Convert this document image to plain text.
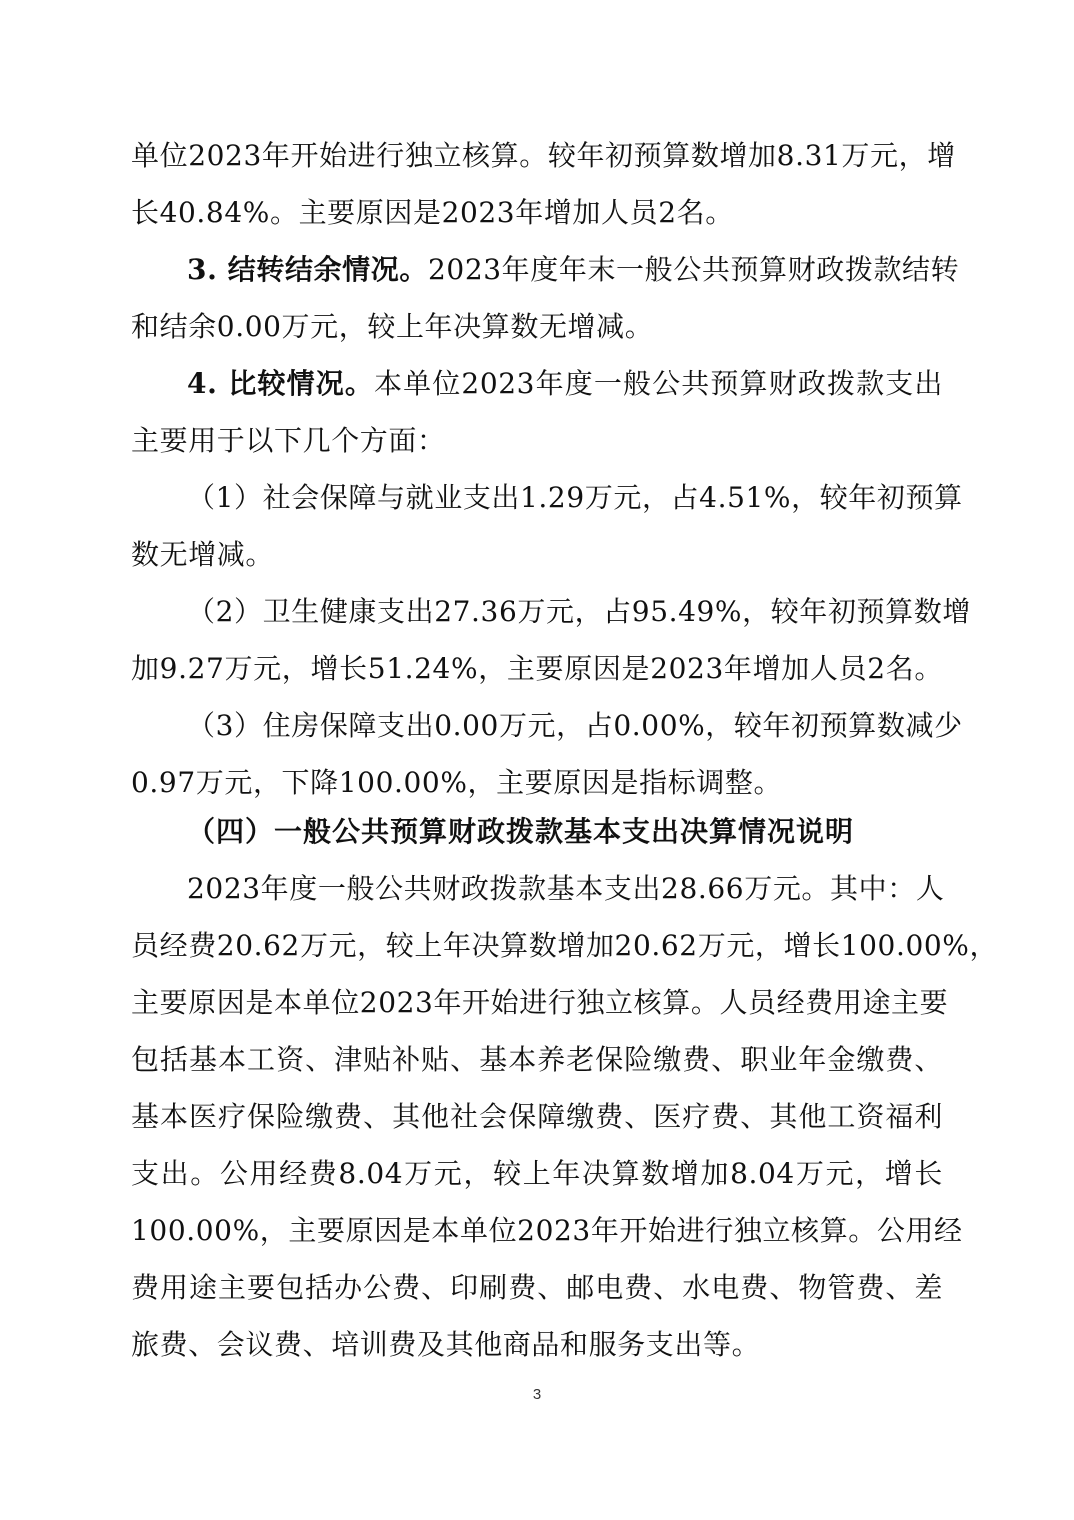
单位2023年开始进行独立核算。较年初预算数增加8.31万元，增
长40.84%。主要原因是2023年增加人员2名。
3. 结转结余情况。2023年度年末一般公共预算财政拨款结转
和结余0.00万元，较上年决算数无增减。
4. 比较情况。本单位2023年度一般公共预算财政拨款支出
主要用于以下几个方面：
（1）社会保障与就业支出1.29万元，占4.51%，较年初预算
数无增减。
（2）卫生健康支出27.36万元，占95.49%，较年初预算数增
加9.27万元，增长51.24%，主要原因是2023年增加人员2名。
（3）住房保障支出0.00万元，占0.00%，较年初预算数减少
0.97万元，下降100.00%，主要原因是指标调整。
（四）一般公共预算财政拨款基本支出决算情况说明
2023年度一般公共财政拨款基本支出28.66万元。其中：人
员经费20.62万元，较上年决算数增加20.62万元，增长100.00%，
主要原因是本单位2023年开始进行独立核算。人员经费用途主要
包括基本工资、津贴补贴、基本养老保险缴费、职业年金缴费、
基本医疗保险缴费、其他社会保障缴费、医疗费、其他工资福利
支出。公用经费8.04万元，较上年决算数增加8.04万元，增长
100.00%，主要原因是本单位2023年开始进行独立核算。公用经
费用途主要包括办公费、印刷费、邮电费、水电费、物管费、差
旅费、会议费、培训费及其他商品和服务支出等。
3
